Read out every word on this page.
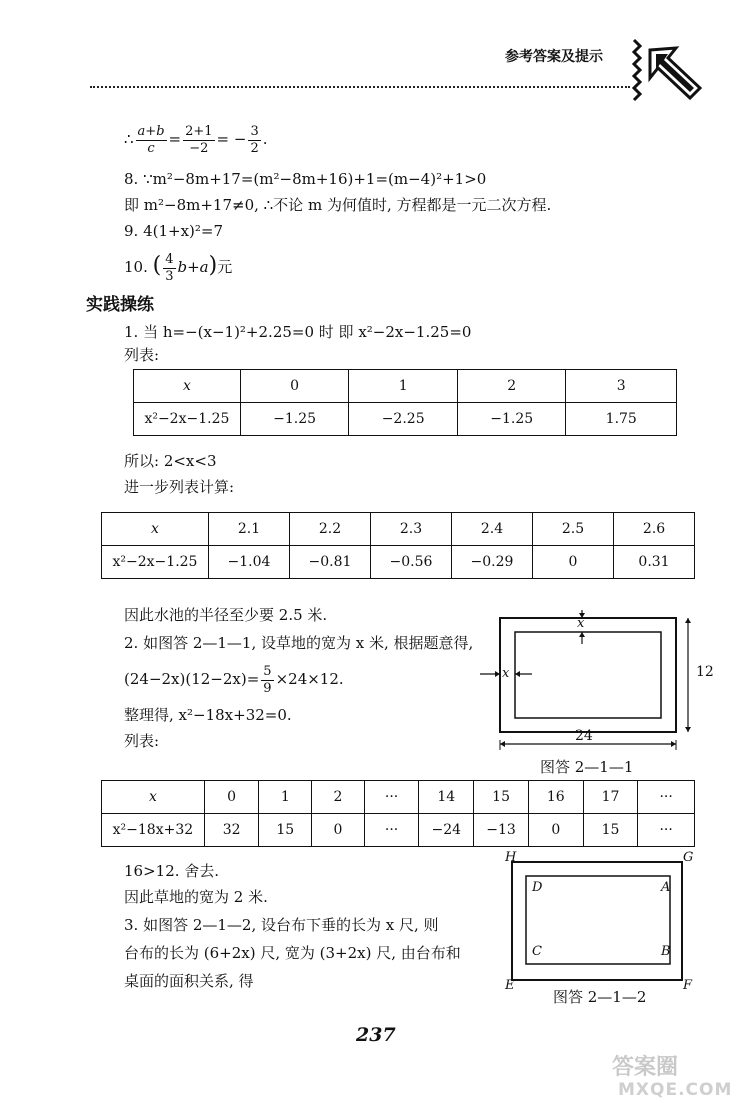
参考答案及提示
∴ $\frac{a+b}{c} = \frac{2+1}{-2}$ = − $\frac{3}{2}$ .
8. ∵m²−8m+17=(m²−8m+16)+1=(m−4)²+1>0
即 m²−8m+17≠0, ∴不论 m 为何值时, 方程都是一元二次方程.
9. 4(1+x)²=7
10. ( $\frac{4}{3} b+a$)元
实践操练
1. 当 h=−(x−1)²+2.25=0 时 即 x²−2x−1.25=0
列表:
x	0	1	2	3
x²−2x−1.25	−1.25	−2.25	−1.25	1.75
所以: 2<x<3
进一步列表计算:
x	2.1	2.2	2.3	2.4	2.5	2.6
x²−2x−1.25	−1.04	−0.81	−0.56	−0.29	0	0.31
因此水池的半径至少要 2.5 米.
2. 如图答 2—1—1, 设草地的宽为 x 米, 根据题意得,
$(24-2x)(12-2x)= \frac{5}{9} \times 24\times 12$.
整理得, x²−18x+32=0.
列表:
x
x	12
24
图答 2—1—1
x	0	1	2	···	14	15	16	17	···
x²−18x+32	32	15	0	···	−24	−13	0	15	···
16>12. 舍去.
因此草地的宽为 2 米.
3. 如图答 2—1—2, 设台布下垂的长为 x 尺, 则
台布的长为 (6+2x) 尺, 宽为 (3+2x) 尺, 由台布和
桌面的面积关系, 得
H	G
D	A
C	B
E	F
图答 2—1—2
237
答案圈
MXQE.COM
